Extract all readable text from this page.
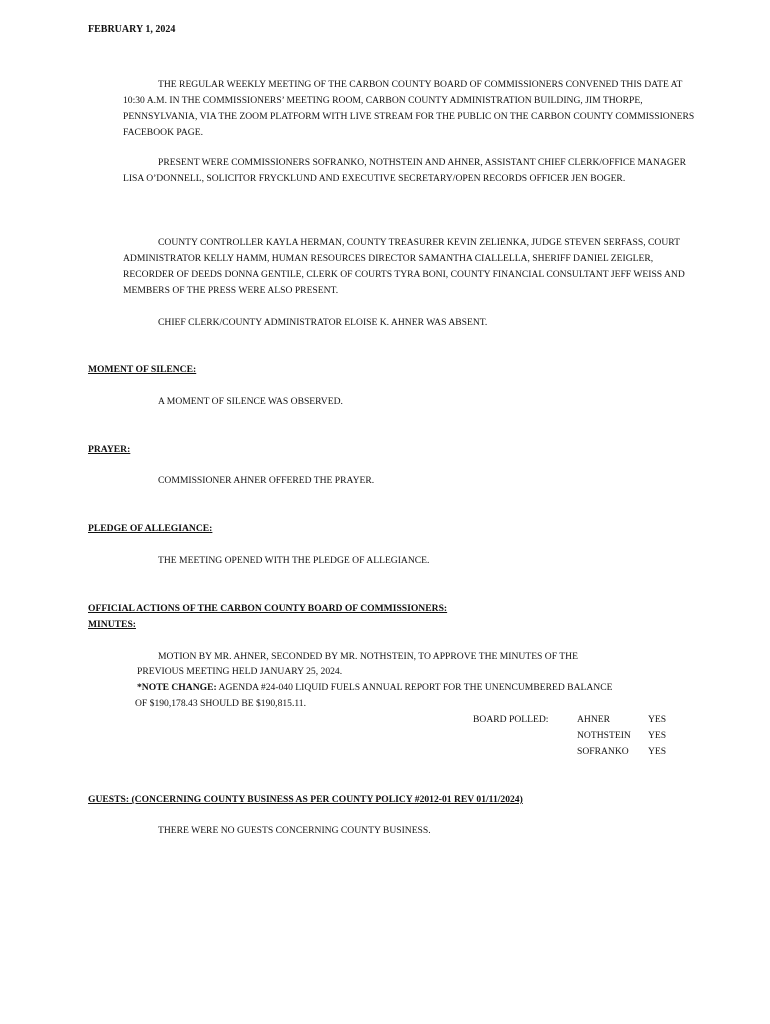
FEBRUARY 1, 2024

THE REGULAR WEEKLY MEETING OF THE CARBON COUNTY BOARD OF COMMISSIONERS CONVENED THIS DATE AT 10:30 A.M. IN THE COMMISSIONERS’ MEETING ROOM, CARBON COUNTY ADMINISTRATION BUILDING, JIM THORPE, PENNSYLVANIA, VIA THE ZOOM PLATFORM WITH LIVE STREAM FOR THE PUBLIC ON THE CARBON COUNTY COMMISSIONERS FACEBOOK PAGE.

PRESENT WERE COMMISSIONERS SOFRANKO, NOTHSTEIN AND AHNER, ASSISTANT CHIEF CLERK/OFFICE MANAGER LISA O’DONNELL, SOLICITOR FRYCKLUND AND EXECUTIVE SECRETARY/OPEN RECORDS OFFICER JEN BOGER.

COUNTY CONTROLLER KAYLA HERMAN, COUNTY TREASURER KEVIN ZELIENKA, JUDGE STEVEN SERFASS, COURT ADMINISTRATOR KELLY HAMM, HUMAN RESOURCES DIRECTOR SAMANTHA CIALLELLA, SHERIFF DANIEL ZEIGLER, RECORDER OF DEEDS DONNA GENTILE, CLERK OF COURTS TYRA BONI, COUNTY FINANCIAL CONSULTANT JEFF WEISS AND MEMBERS OF THE PRESS WERE ALSO PRESENT.

CHIEF CLERK/COUNTY ADMINISTRATOR ELOISE K. AHNER WAS ABSENT.

MOMENT OF SILENCE:
A MOMENT OF SILENCE WAS OBSERVED.
PRAYER:
COMMISSIONER AHNER OFFERED THE PRAYER.
PLEDGE OF ALLEGIANCE:
THE MEETING OPENED WITH THE PLEDGE OF ALLEGIANCE.
OFFICIAL ACTIONS OF THE CARBON COUNTY BOARD OF COMMISSIONERS:
MINUTES:
MOTION BY MR. AHNER, SECONDED BY MR. NOTHSTEIN, TO APPROVE THE MINUTES OF THE
PREVIOUS MEETING HELD JANUARY 25, 2024.
*NOTE CHANGE: AGENDA #24-040 LIQUID FUELS ANNUAL REPORT FOR THE UNENCUMBERED BALANCE
OF $190,178.43 SHOULD BE $190,815.11.
BOARD POLLED:	AHNER	YES
NOTHSTEIN YES
SOFRANKO YES
GUESTS: (CONCERNING COUNTY BUSINESS AS PER COUNTY POLICY #2012-01 REV 01/11/2024)
THERE WERE NO GUESTS CONCERNING COUNTY BUSINESS.
